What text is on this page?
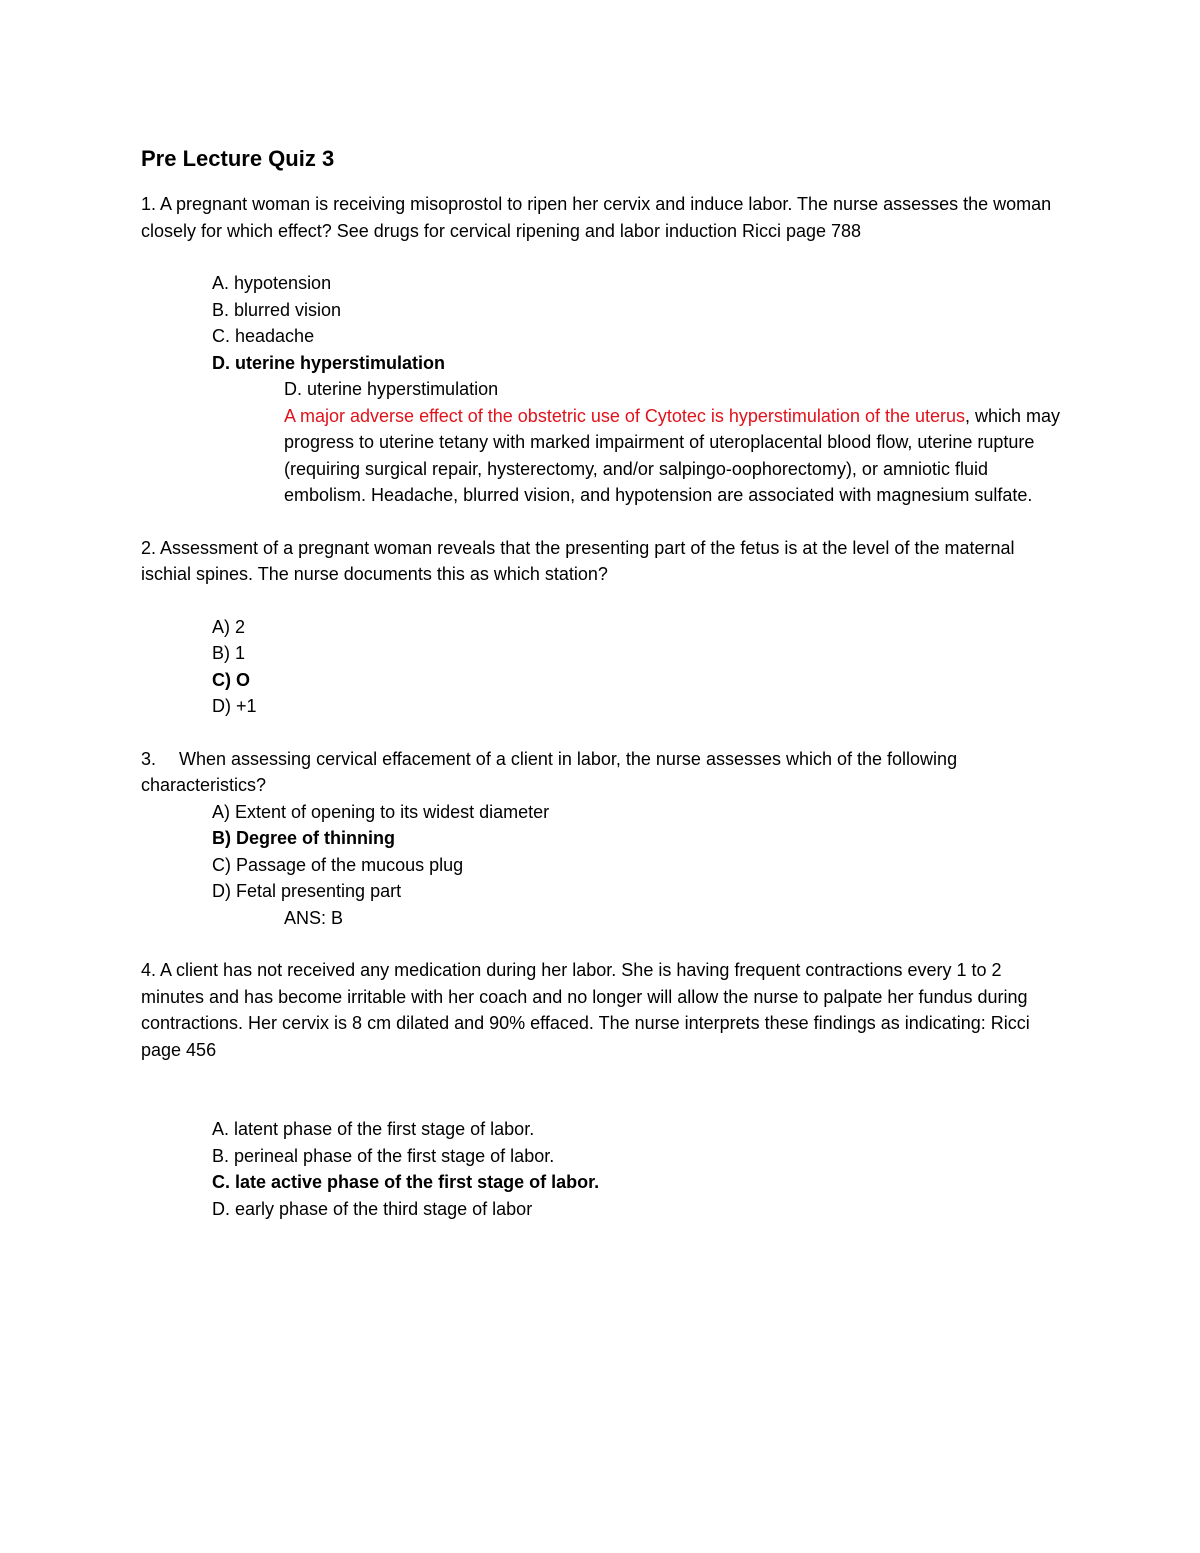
Pre Lecture Quiz 3
1. A pregnant woman is receiving misoprostol to ripen her cervix and induce labor. The nurse assesses the woman closely for which effect? See drugs for cervical ripening and labor induction Ricci page 788
A. hypotension
B. blurred vision
C. headache
D. uterine hyperstimulation
D. uterine hyperstimulation
A major adverse effect of the obstetric use of Cytotec is hyperstimulation of the uterus, which may progress to uterine tetany with marked impairment of uteroplacental blood flow, uterine rupture (requiring surgical repair, hysterectomy, and/or salpingo-oophorectomy), or amniotic fluid embolism. Headache, blurred vision, and hypotension are associated with magnesium sulfate.
2. Assessment of a pregnant woman reveals that the presenting part of the fetus is at the level of the maternal ischial spines. The nurse documents this as which station?
A) 2
B) 1
C) O
D) +1
3. When assessing cervical effacement of a client in labor, the nurse assesses which of the following characteristics?
A) Extent of opening to its widest diameter
B) Degree of thinning
C) Passage of the mucous plug
D) Fetal presenting part
ANS: B
4. A client has not received any medication during her labor. She is having frequent contractions every 1 to 2 minutes and has become irritable with her coach and no longer will allow the nurse to palpate her fundus during contractions. Her cervix is 8 cm dilated and 90% effaced. The nurse interprets these findings as indicating: Ricci page 456
A. latent phase of the first stage of labor.
B. perineal phase of the first stage of labor.
C. late active phase of the first stage of labor.
D. early phase of the third stage of labor
